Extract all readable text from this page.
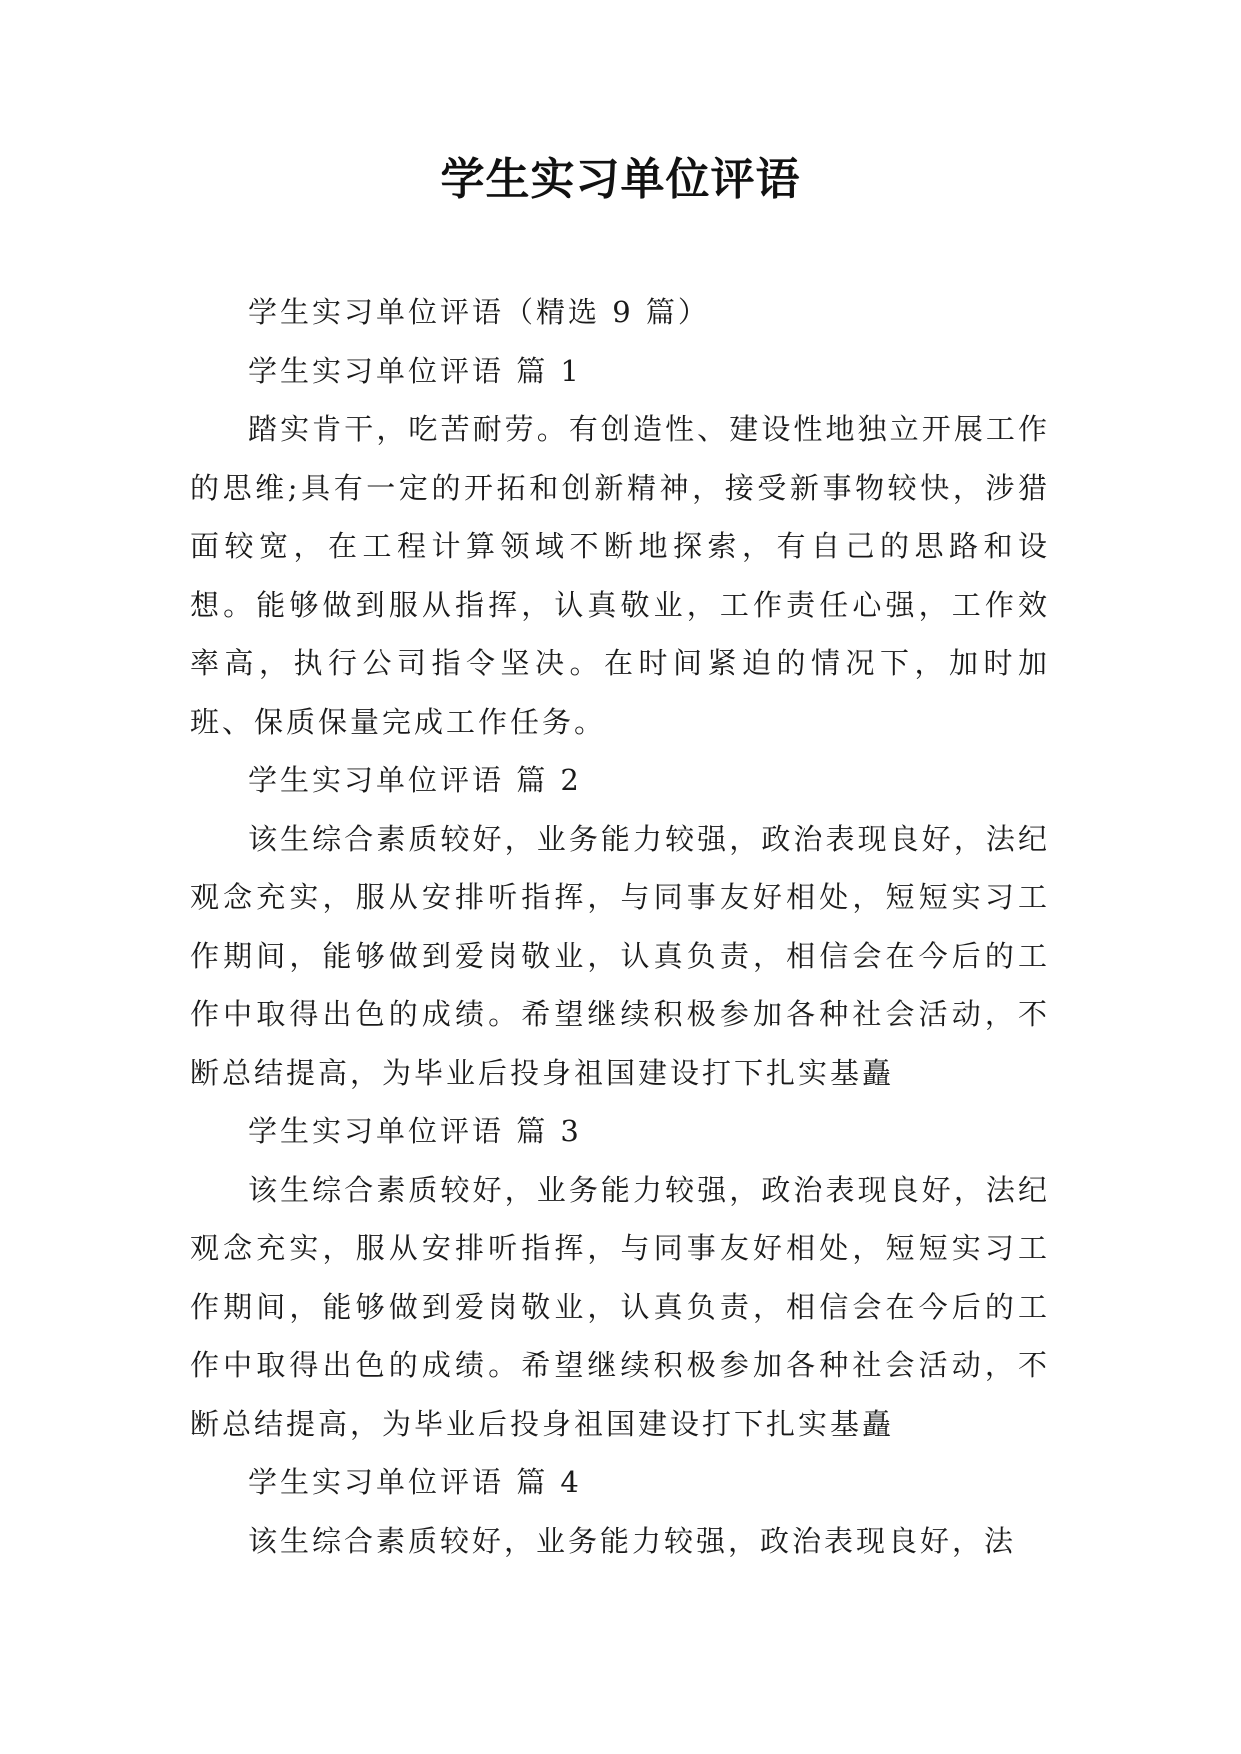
学生实习单位评语

学生实习单位评语（精选 9 篇）

学生实习单位评语 篇 1

踏实肯干，吃苦耐劳。有创造性、建设性地独立开展工作的思维;具有一定的开拓和创新精神，接受新事物较快，涉猎面较宽，在工程计算领域不断地探索，有自己的思路和设想。能够做到服从指挥，认真敬业，工作责任心强，工作效率高，执行公司指令坚决。在时间紧迫的情况下，加时加班、保质保量完成工作任务。

学生实习单位评语 篇 2

该生综合素质较好，业务能力较强，政治表现良好，法纪观念充实，服从安排听指挥，与同事友好相处，短短实习工作期间，能够做到爱岗敬业，认真负责，相信会在今后的工作中取得出色的成绩。希望继续积极参加各种社会活动，不断总结提高，为毕业后投身祖国建设打下扎实基矗

学生实习单位评语 篇 3

该生综合素质较好，业务能力较强，政治表现良好，法纪观念充实，服从安排听指挥，与同事友好相处，短短实习工作期间，能够做到爱岗敬业，认真负责，相信会在今后的工作中取得出色的成绩。希望继续积极参加各种社会活动，不断总结提高，为毕业后投身祖国建设打下扎实基矗

学生实习单位评语 篇 4

该生综合素质较好，业务能力较强，政治表现良好，法
